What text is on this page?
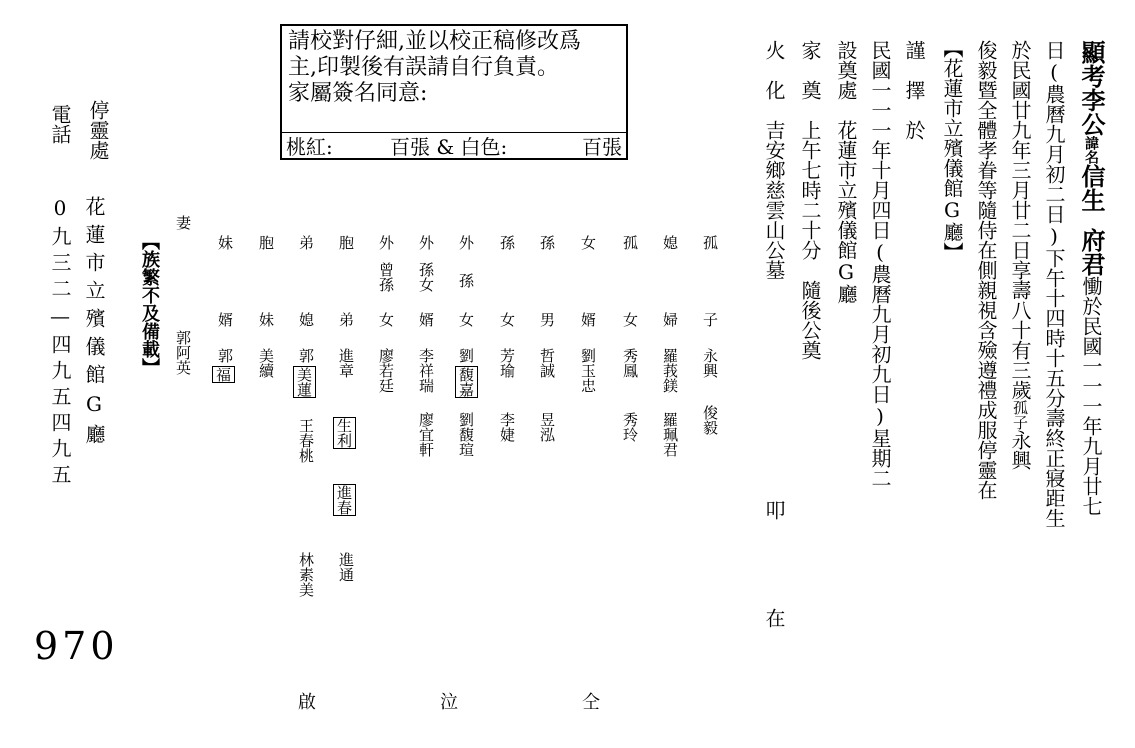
顯考李公諱名信生府君慟於民國一一一年九月廿七
日(農曆九月初二日)下午十四時十五分壽終正寢距生
於民國廿九年三月廿二日享壽八十有三歲孤子永興
俊毅暨全體孝眷等隨侍在側親視含殮遵禮成服停靈在
【花蓮市立殯儀館G廳】
謹　擇　於
民國一一一年十月四日(農曆九月初九日)星期二
設奠處　花蓮市立殯儀館G廳
家　奠　上午七時二十分　隨後公奠
叩
火　化　吉安鄉慈雲山公墓
在
請校對仔細,並以校正稿修改爲
主,印製後有誤請自行負責。
家屬簽名同意:
桃紅:	百張 & 白色:	百張
孤
子
永興
俊毅
媳
婦
羅莪鎂
羅珮君
孤
女
秀鳳
秀玲
女
婿
劉玉忠
孫
男
哲誠
昱泓
孫
女
芳瑜
李婕
外
孫
女
劉
馥嘉
劉馥瑄
外
孫女
婿
李祥瑞
廖宜軒
外
曾孫
女
廖若廷
胞
弟
進章
生利
進春
進通
弟
媳
郭
美蓮
王春桃
林素美
胞
妹
美續
妹
婿
郭
福
妻
郭阿英
【族繁不及備載】
仝
泣
啟
停靈處
花蓮市立殯儀館G廳
電話
0九三二—四九五四九五
970
